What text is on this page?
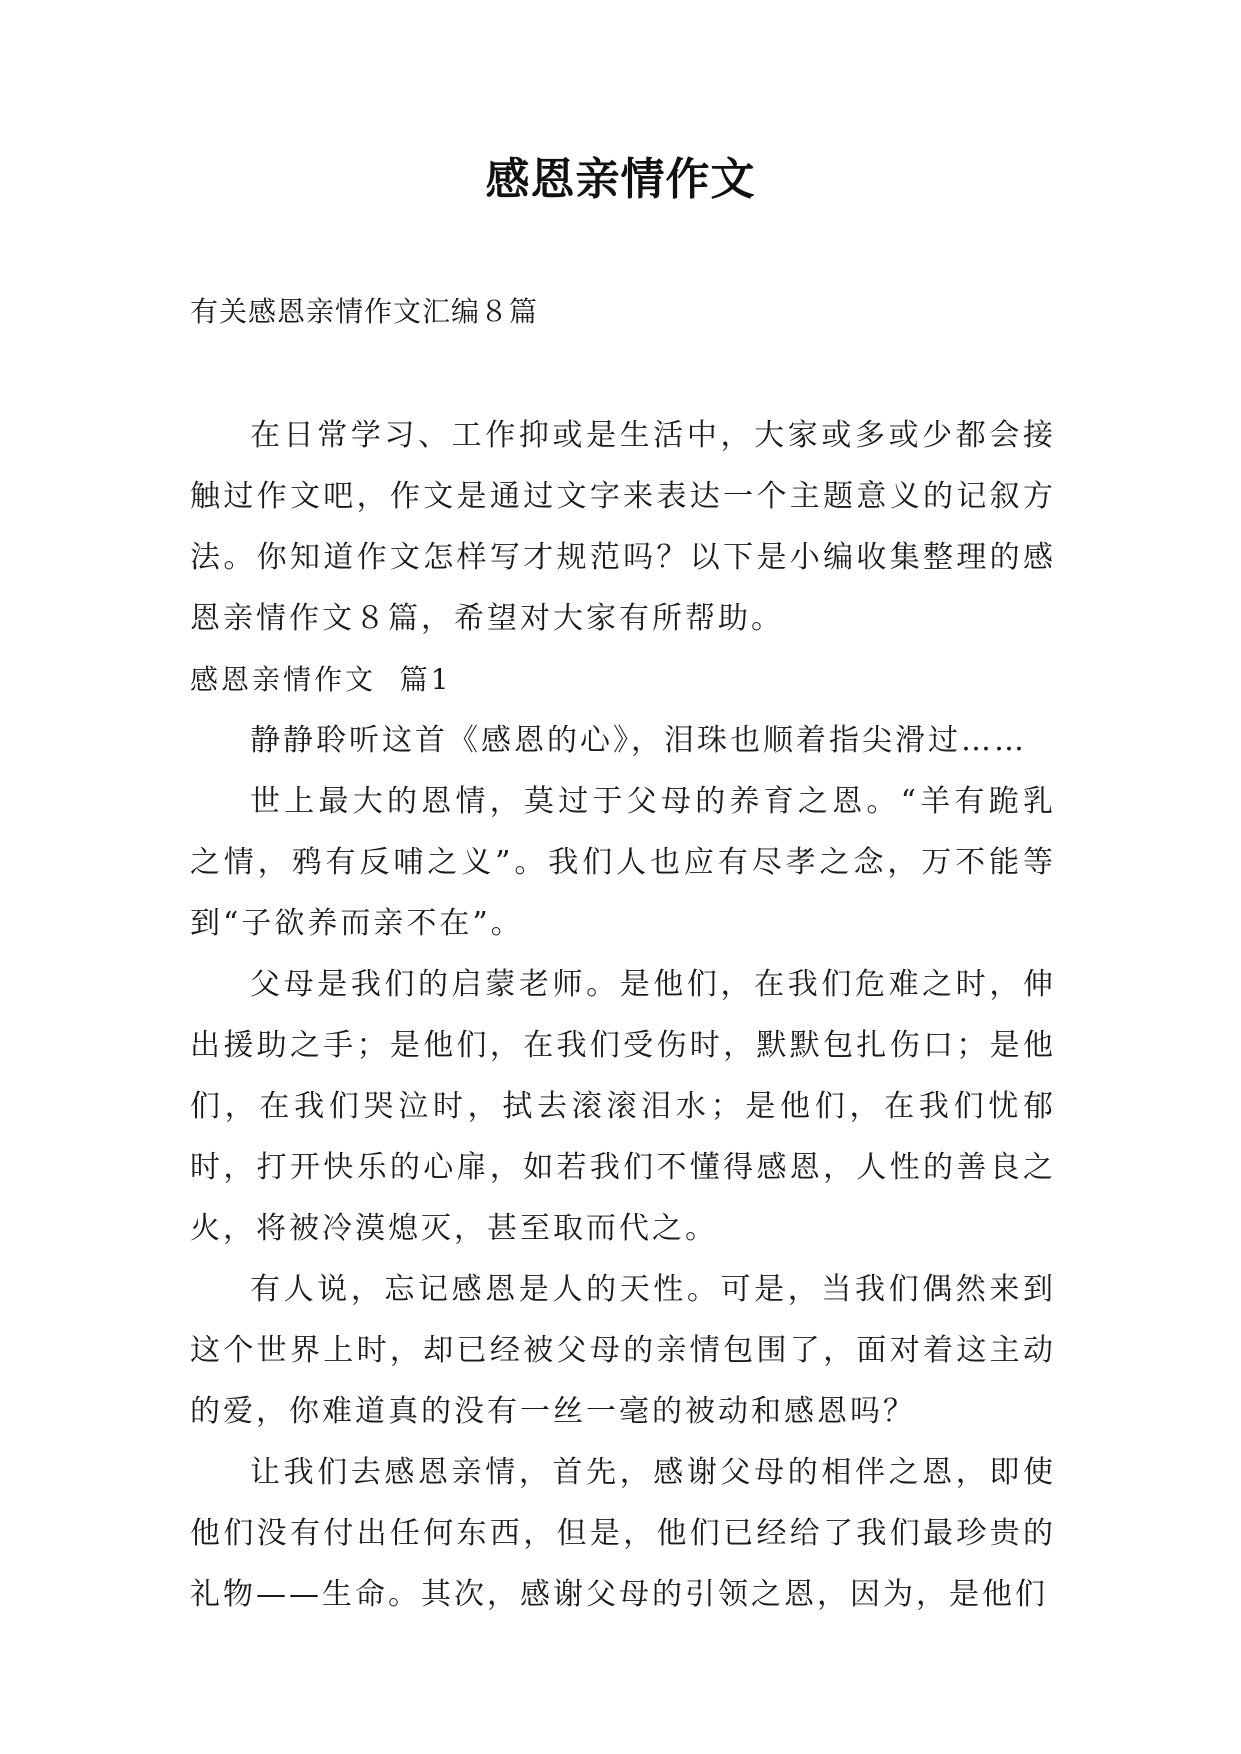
感恩亲情作文
有关感恩亲情作文汇编８篇

在日常学习、工作抑或是生活中，大家或多或少都会接触过作文吧，作文是通过文字来表达一个主题意义的记叙方法。你知道作文怎样写才规范吗？以下是小编收集整理的感恩亲情作文８篇，希望对大家有所帮助。

感恩亲情作文  篇1

静静聆听这首《感恩的心》，泪珠也顺着指尖滑过……

世上最大的恩情，莫过于父母的养育之恩。“羊有跪乳之情，鸦有反哺之义”。我们人也应有尽孝之念，万不能等到“子欲养而亲不在”。

父母是我们的启蒙老师。是他们，在我们危难之时，伸出援助之手；是他们，在我们受伤时，默默包扎伤口；是他们，在我们哭泣时，拭去滚滚泪水；是他们，在我们忧郁时，打开快乐的心扉，如若我们不懂得感恩，人性的善良之火，将被冷漠熄灭，甚至取而代之。

有人说，忘记感恩是人的天性。可是，当我们偶然来到这个世界上时，却已经被父母的亲情包围了，面对着这主动的爱，你难道真的没有一丝一毫的被动和感恩吗？

让我们去感恩亲情，首先，感谢父母的相伴之恩，即使他们没有付出任何东西，但是，他们已经给了我们最珍贵的礼物——生命。其次，感谢父母的引领之恩，因为，是他们
